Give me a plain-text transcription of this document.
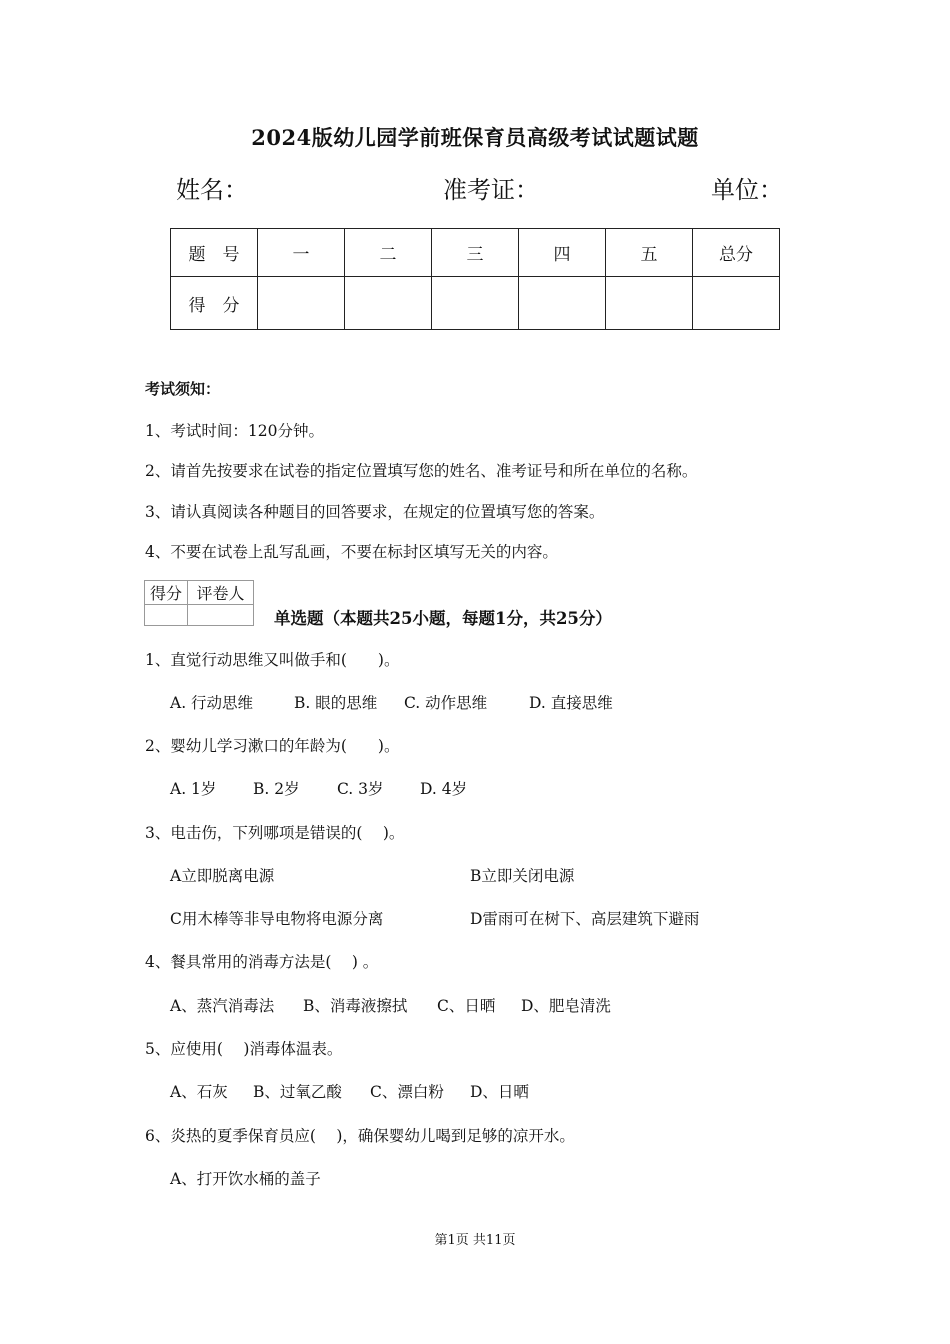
2024版幼儿园学前班保育员高级考试试题试题
姓名：	准考证：	单位：
题　号	一	二	三	四	五	总分
得　分						
考试须知：
1、考试时间：120分钟。
2、请首先按要求在试卷的指定位置填写您的姓名、准考证号和所在单位的名称。
3、请认真阅读各种题目的回答要求，在规定的位置填写您的答案。
4、不要在试卷上乱写乱画，不要在标封区填写无关的内容。
得分	评卷人

单选题（本题共25小题，每题1分，共25分）
1、直觉行动思维又叫做手和(　　)。
A. 行动思维	B. 眼的思维 C. 动作思维	D. 直接思维
2、婴幼儿学习漱口的年龄为(　　)。
A. 1岁 B. 2岁 C. 3岁 D. 4岁
3、电击伤，下列哪项是错误的(　 )。
A立即脱离电源	B立即关闭电源
C用木棒等非导电物将电源分离	D雷雨可在树下、高层建筑下避雨
4、餐具常用的消毒方法是(　 ) 。
A、蒸汽消毒法 B、消毒液擦拭 C、日晒 D、肥皂清洗
5、应使用(　 )消毒体温表。
A、石灰 B、过氧乙酸 C、漂白粉 D、日晒
6、炎热的夏季保育员应(　 )，确保婴幼儿喝到足够的凉开水。
A、打开饮水桶的盖子
第1页 共11页
